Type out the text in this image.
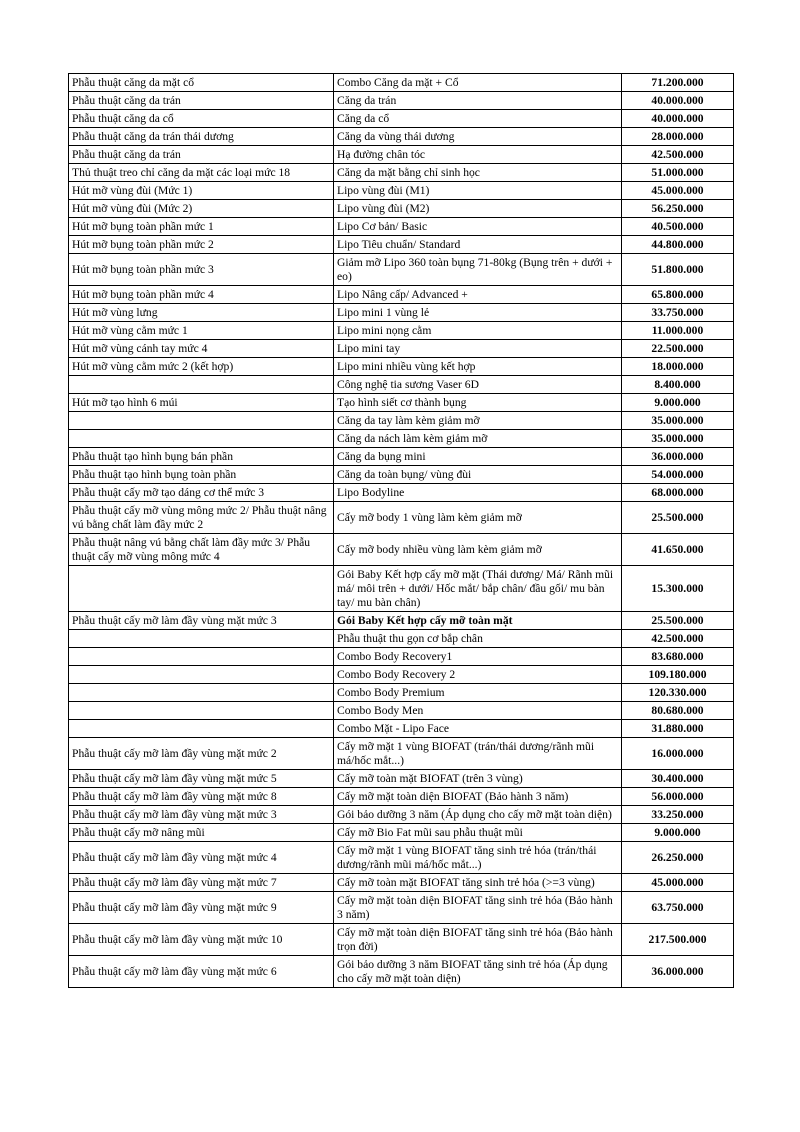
Phẫu thuật căng da mặt cổ	Combo Căng da mặt + Cổ	71.200.000
Phẫu thuật căng da trán	Căng da trán	40.000.000
Phẫu thuật căng da cổ	Căng da cổ	40.000.000
Phẫu thuật căng da trán thái dương	Căng da vùng thái dương	28.000.000
Phẫu thuật căng da trán	Hạ đường chân tóc	42.500.000
Thủ thuật treo chỉ căng da mặt các loại mức 18	Căng da mặt bằng chỉ sinh học	51.000.000
Hút mỡ vùng đùi (Mức 1)	Lipo vùng đùi (M1)	45.000.000
Hút mỡ vùng đùi (Mức 2)	Lipo vùng đùi (M2)	56.250.000
Hút mỡ bụng toàn phần mức 1	Lipo Cơ bản/ Basic	40.500.000
Hút mỡ bụng toàn phần mức 2	Lipo Tiêu chuẩn/ Standard	44.800.000
Hút mỡ bụng toàn phần mức 3	Giảm mỡ Lipo 360 toàn bụng 71-80kg (Bụng trên + dưới + eo)	51.800.000
Hút mỡ bụng toàn phần mức 4	Lipo Nâng cấp/ Advanced +	65.800.000
Hút mỡ vùng lưng	Lipo mini 1 vùng lẻ	33.750.000
Hút mỡ vùng cằm mức 1	Lipo mini nọng cằm	11.000.000
Hút mỡ vùng cánh tay mức 4	Lipo mini tay	22.500.000
Hút mỡ vùng cằm mức 2 (kết hợp)	Lipo mini nhiều vùng kết hợp	18.000.000
	Công nghệ tia sương Vaser 6D	8.400.000
Hút mỡ tạo hình 6 múi	Tạo hình siết cơ thành bụng	9.000.000
	Căng da tay làm kèm giảm mỡ	35.000.000
	Căng da nách làm kèm giảm mỡ	35.000.000
Phẫu thuật tạo hình bụng bán phần	Căng da bụng mini	36.000.000
Phẫu thuật tạo hình bụng toàn phần	Căng da toàn bụng/ vùng đùi	54.000.000
Phẫu thuật cấy mỡ tạo dáng cơ thể mức 3	Lipo Bodyline	68.000.000
Phẫu thuật cấy mỡ vùng mông mức 2/ Phẫu thuật nâng vú bằng chất làm đầy mức 2	Cấy mỡ body 1 vùng làm kèm giảm mỡ	25.500.000
Phẫu thuật nâng vú bằng chất làm đầy mức 3/ Phẫu thuật cấy mỡ vùng mông mức 4	Cấy mỡ body nhiều vùng làm kèm giảm mỡ	41.650.000
	Gói Baby Kết hợp cấy mỡ mặt (Thái dương/ Má/ Rãnh mũi má/ môi trên + dưới/ Hốc mắt/ bắp chân/ đầu gối/ mu bàn tay/ mu bàn chân)	15.300.000
Phẫu thuật cấy mỡ làm đầy vùng mặt mức 3	Gói Baby Kết hợp cấy mỡ toàn mặt	25.500.000
	Phẫu thuật thu gọn cơ bắp chân	42.500.000
	Combo Body Recovery1	83.680.000
	Combo Body Recovery 2	109.180.000
	Combo Body Premium	120.330.000
	Combo Body Men	80.680.000
	Combo Mặt - Lipo Face	31.880.000
Phẫu thuật cấy mỡ làm đầy vùng mặt mức 2	Cấy mỡ mặt 1 vùng BIOFAT (trán/thái dương/rãnh mũi má/hốc mắt...)	16.000.000
Phẫu thuật cấy mỡ làm đầy vùng mặt mức 5	Cấy mỡ toàn mặt BIOFAT (trên 3 vùng)	30.400.000
Phẫu thuật cấy mỡ làm đầy vùng mặt mức 8	Cấy mỡ mặt toàn diện BIOFAT (Bảo hành 3 năm)	56.000.000
Phẫu thuật cấy mỡ làm đầy vùng mặt mức 3	Gói bảo dưỡng 3 năm (Áp dụng cho cấy mỡ mặt toàn diện)	33.250.000
Phẫu thuật cấy mỡ nâng mũi	Cấy mỡ Bio Fat mũi sau phẫu thuật mũi	9.000.000
Phẫu thuật cấy mỡ làm đầy vùng mặt mức 4	Cấy mỡ mặt 1 vùng BIOFAT tăng sinh trẻ hóa (trán/thái dương/rãnh mũi má/hốc mắt...)	26.250.000
Phẫu thuật cấy mỡ làm đầy vùng mặt mức 7	Cấy mỡ toàn mặt BIOFAT tăng sinh trẻ hóa (>=3 vùng)	45.000.000
Phẫu thuật cấy mỡ làm đầy vùng mặt mức 9	Cấy mỡ mặt toàn diện BIOFAT tăng sinh trẻ hóa (Bảo hành 3 năm)	63.750.000
Phẫu thuật cấy mỡ làm đầy vùng mặt mức 10	Cấy mỡ mặt toàn diện BIOFAT tăng sinh trẻ hóa (Bảo hành trọn đời)	217.500.000
Phẫu thuật cấy mỡ làm đầy vùng mặt mức 6	Gói bảo dưỡng 3 năm BIOFAT tăng sinh trẻ hóa (Áp dụng cho cấy mỡ mặt toàn diện)	36.000.000
